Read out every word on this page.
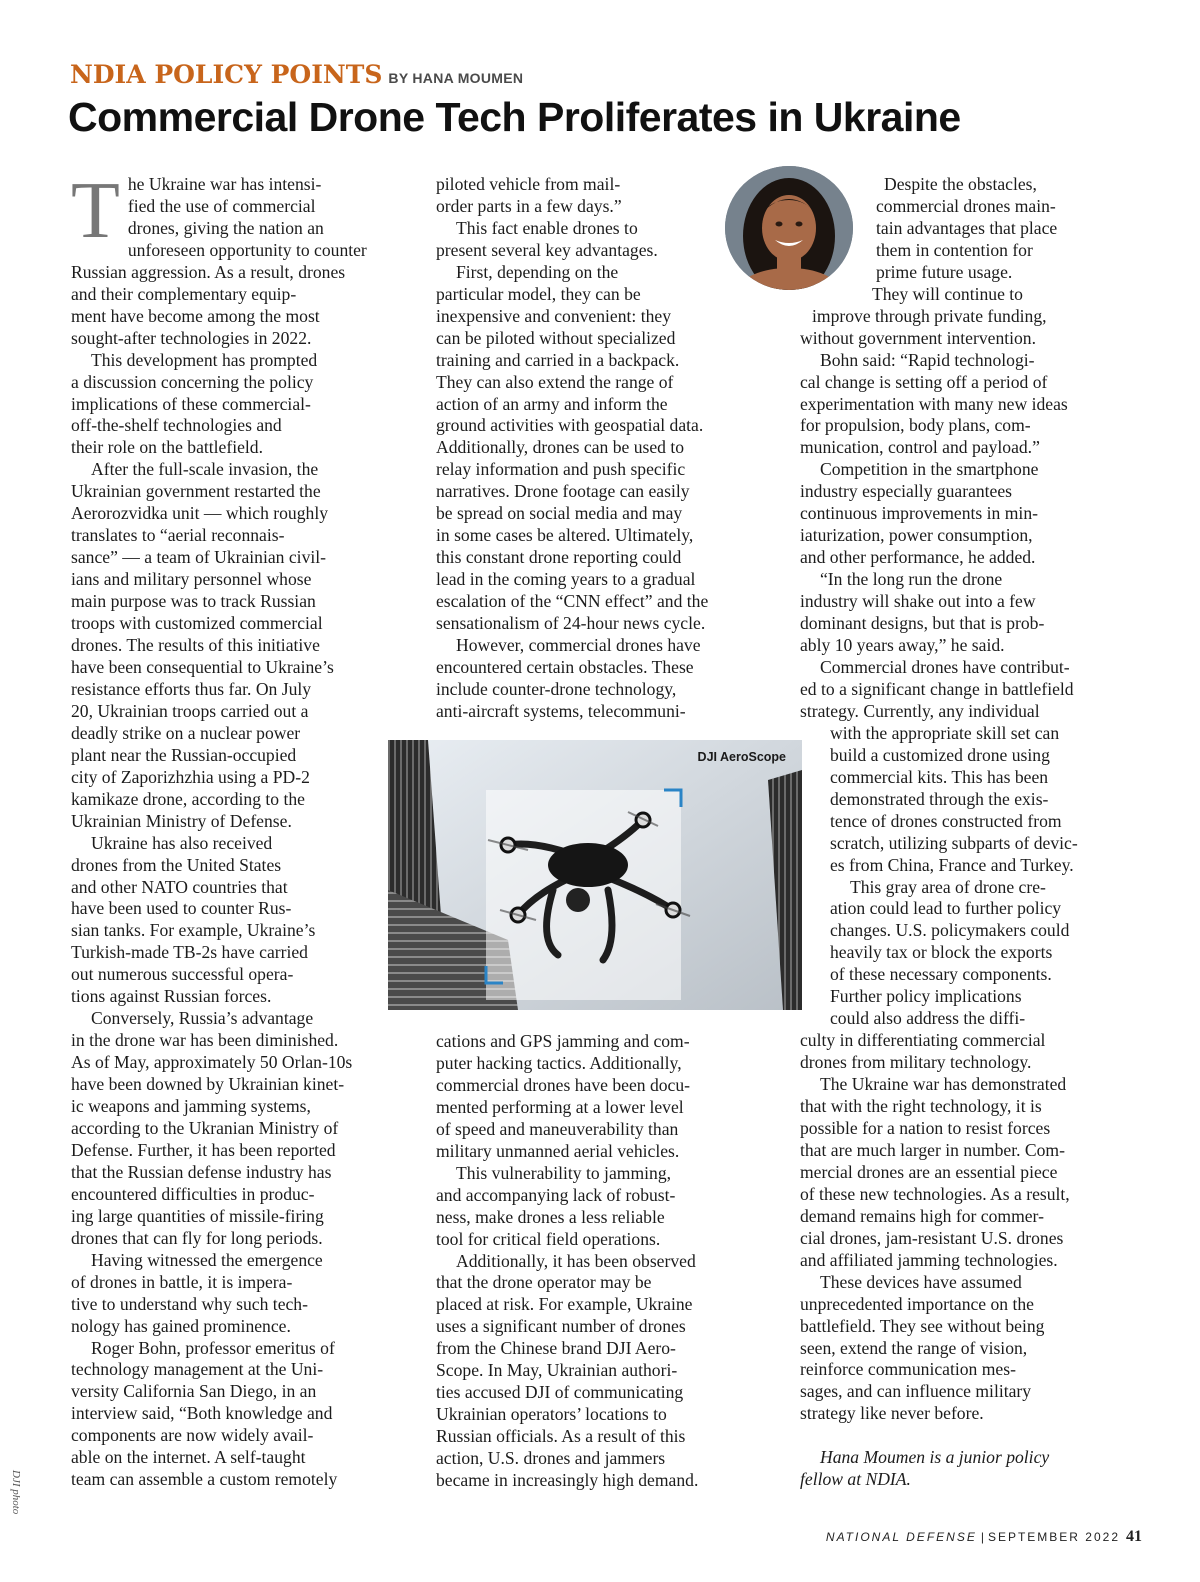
NDIA POLICY POINTS BY HANA MOUMEN
Commercial Drone Tech Proliferates in Ukraine
T he Ukraine war has intensi-
fied the use of commercial
drones, giving the nation an
unforeseen opportunity to counter
Russian aggression. As a result, drones
and their complementary equip-
ment have become among the most
sought-after technologies in 2022.
This development has prompted
a discussion concerning the policy
implications of these commercial-
off-the-shelf technologies and
their role on the battlefield.
After the full-scale invasion, the
Ukrainian government restarted the
Aerorozvidka unit — which roughly
translates to “aerial reconnais-
sance” — a team of Ukrainian civil-
ians and military personnel whose
main purpose was to track Russian
troops with customized commercial
drones. The results of this initiative
have been consequential to Ukraine’s
resistance efforts thus far. On July
20, Ukrainian troops carried out a
deadly strike on a nuclear power
plant near the Russian-occupied
city of Zaporizhzhia using a PD-2
kamikaze drone, according to the
Ukrainian Ministry of Defense.
Ukraine has also received
drones from the United States
and other NATO countries that
have been used to counter Rus-
sian tanks. For example, Ukraine’s
Turkish-made TB-2s have carried
out numerous successful opera-
tions against Russian forces.
Conversely, Russia’s advantage
in the drone war has been diminished.
As of May, approximately 50 Orlan-10s
have been downed by Ukrainian kinet-
ic weapons and jamming systems,
according to the Ukranian Ministry of
Defense. Further, it has been reported
that the Russian defense industry has
encountered difficulties in produc-
ing large quantities of missile-firing
drones that can fly for long periods.
Having witnessed the emergence
of drones in battle, it is impera-
tive to understand why such tech-
nology has gained prominence.
Roger Bohn, professor emeritus of
technology management at the Uni-
versity California San Diego, in an
interview said, “Both knowledge and
components are now widely avail-
able on the internet. A self-taught
team can assemble a custom remotely
piloted vehicle from mail-
order parts in a few days.”
This fact enable drones to
present several key advantages.
First, depending on the
particular model, they can be
inexpensive and convenient: they
can be piloted without specialized
training and carried in a backpack.
They can also extend the range of
action of an army and inform the
ground activities with geospatial data.
Additionally, drones can be used to
relay information and push specific
narratives. Drone footage can easily
be spread on social media and may
in some cases be altered. Ultimately,
this constant drone reporting could
lead in the coming years to a gradual
escalation of the “CNN effect” and the
sensationalism of 24-hour news cycle.
However, commercial drones have
encountered certain obstacles. These
include counter-drone technology,
anti-aircraft systems, telecommuni-
cations and GPS jamming and com-
puter hacking tactics. Additionally,
commercial drones have been docu-
mented performing at a lower level
of speed and maneuverability than
military unmanned aerial vehicles.
This vulnerability to jamming,
and accompanying lack of robust-
ness, make drones a less reliable
tool for critical field operations.
Additionally, it has been observed
that the drone operator may be
placed at risk. For example, Ukraine
uses a significant number of drones
from the Chinese brand DJI Aero-
Scope. In May, Ukrainian authori-
ties accused DJI of communicating
Ukrainian operators’ locations to
Russian officials. As a result of this
action, U.S. drones and jammers
became in increasingly high demand.
Despite the obstacles,
commercial drones main-
tain advantages that place
them in contention for
prime future usage.
They will continue to
improve through private funding,
without government intervention.
Bohn said: “Rapid technologi-
cal change is setting off a period of
experimentation with many new ideas
for propulsion, body plans, com-
munication, control and payload.”
Competition in the smartphone
industry especially guarantees
continuous improvements in min-
iaturization, power consumption,
and other performance, he added.
“In the long run the drone
industry will shake out into a few
dominant designs, but that is prob-
ably 10 years away,” he said.
Commercial drones have contribut-
ed to a significant change in battlefield
strategy. Currently, any individual
with the appropriate skill set can
build a customized drone using
commercial kits. This has been
demonstrated through the exis-
tence of drones constructed from
scratch, utilizing subparts of devic-
es from China, France and Turkey.
This gray area of drone cre-
ation could lead to further policy
changes. U.S. policymakers could
heavily tax or block the exports
of these necessary components.
Further policy implications
could also address the diffi-
culty in differentiating commercial
drones from military technology.
The Ukraine war has demonstrated
that with the right technology, it is
possible for a nation to resist forces
that are much larger in number. Com-
mercial drones are an essential piece
of these new technologies. As a result,
demand remains high for commer-
cial drones, jam-resistant U.S. drones
and affiliated jamming technologies.
These devices have assumed
unprecedented importance on the
battlefield. They see without being
seen, extend the range of vision,
reinforce communication mes-
sages, and can influence military
strategy like never before.

Hana Moumen is a junior policy
fellow at NDIA.
DJI AeroScope
DJI photo
NATIONAL DEFENSE | SEPTEMBER 2022 41
